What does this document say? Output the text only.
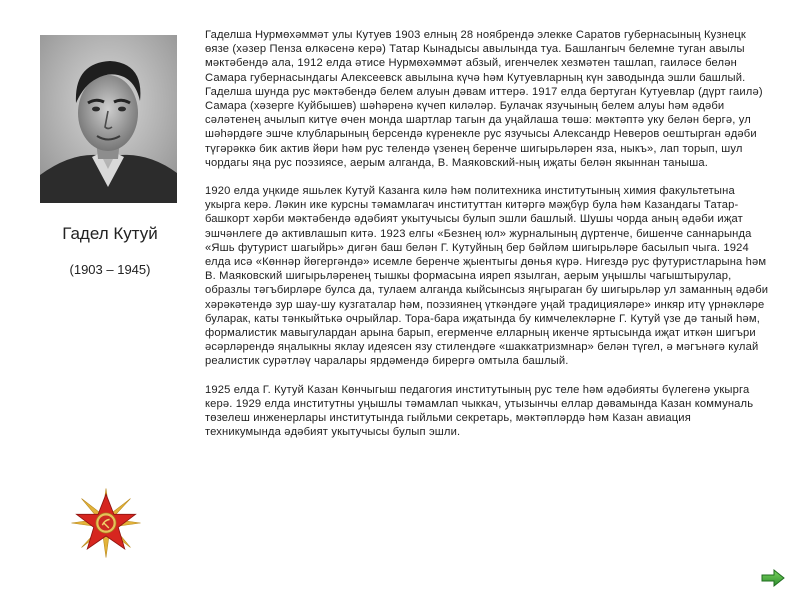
Гадел Кутуй
(1903 – 1945)

Гаделша Нурмөхәммәт улы Кутуев 1903 елның 28 ноябрендә элекке Саратов губернасының Кузнецк өязе (хәзер Пенза өлкәсенә керә) Татар Кынадысы авылында туа. Башлангыч белемне туган авылы мәктәбендә ала, 1912 елда әтисе Нурмөхәммәт абзый, игенчелек хезмәтен ташлап, гаиләсе белән Самара губернасындагы Алексеевск авылына күчә һәм Кутуевларның күн заводында эшли башлый. Гаделша шунда рус мәктәбендә белем алуын дәвам иттерә. 1917 елда бертуган Кутуевлар (дүрт гаилә) Самара (хәзерге Куйбышев) шәһәренә күчеп киләләр. Булачак язучының белем алуы һәм әдәби сәләтенең ачылып китүе өчен монда шартлар тагын да уңайлашa төшә: мәктәптә уку белән бергә, ул шәһәрдәге эшче клубларының берсендә күренекле рус язучысы Александр Неверов оештырган әдәби түгәрәккә бик актив йөри һәм рус телендә үзенең беренче шигырьләрен яза, ныкъ», лап торып, шул чордагы яңа рус поэзиясе, аерым алганда, В. Маяковский-ның иҗаты белән якыннан таныша.

1920 елда уңкиде яшьлек Кутуй Казанга килә һәм политехника институтының химия факультетына укырга керә. Ләкин ике курсны тәмамлагач институттан китәргә мәҗбүр була һәм Казандагы Татар-башкорт хәрби мәктәбендә әдәбият укытучысы булып эшли башлый. Шушы чорда аның әдәби иҗат эшчәнлеге дә активлашып китә. 1923 елгы «Безнең юл» журналының дүртенче, бишенче саннарында «Яшь футурист шагыйрь» дигән баш белән Г. Кутуйның бер бәйләм шигырьләре басылып чыга. 1924 елда исә «Көннәр йөгергәндә» исемле беренче җыентыгы дөнья күрә. Нигездә рус футуристларына һәм В. Маяковский шигырьләренең тышкы формасына ияреп язылган, аерым уңышлы чагыштырулар, образлы тәгъбирләре булса да, тулаем алганда кыйсынсыз яңгыраган бу шигырьләр ул заманның әдәби хәрәкәтендә зур шау-шу кузгаталар һәм, поэзиянең үткәндәге уңай традицияләре» инкяр итү үрнәкләре буларак, каты тәнкыйтькә очрыйлар. Тора-бара иҗатында бу кимчелекләрне Г. Кутуй үзе дә таный һәм, формалистик мавыгулардан арына барып, егерменче елларның икенче яртысында иҗат иткән шигъри әсәрләрендә яңалыкны яклау идеясен язу стилендәге «шаккатризмнар» белән түгел, ә мәгънәгә кулай реалистик сурәтләү чаралары ярдәмендә бирергә омтыла башлый.

1925 елда Г. Кутуй Казан Көнчыгыш педагогия институтының рус теле һәм әдәбияты бүлегенә укырга керә. 1929 елда институтны уңышлы тәмамлап чыккач, утызынчы еллар дәвамында Казан коммуналь төзелеш инженерлары институтында гыйльми секретарь, мәктәпләрдә һәм Казан авиация техникумында әдәбият укытучысы булып эшли.
